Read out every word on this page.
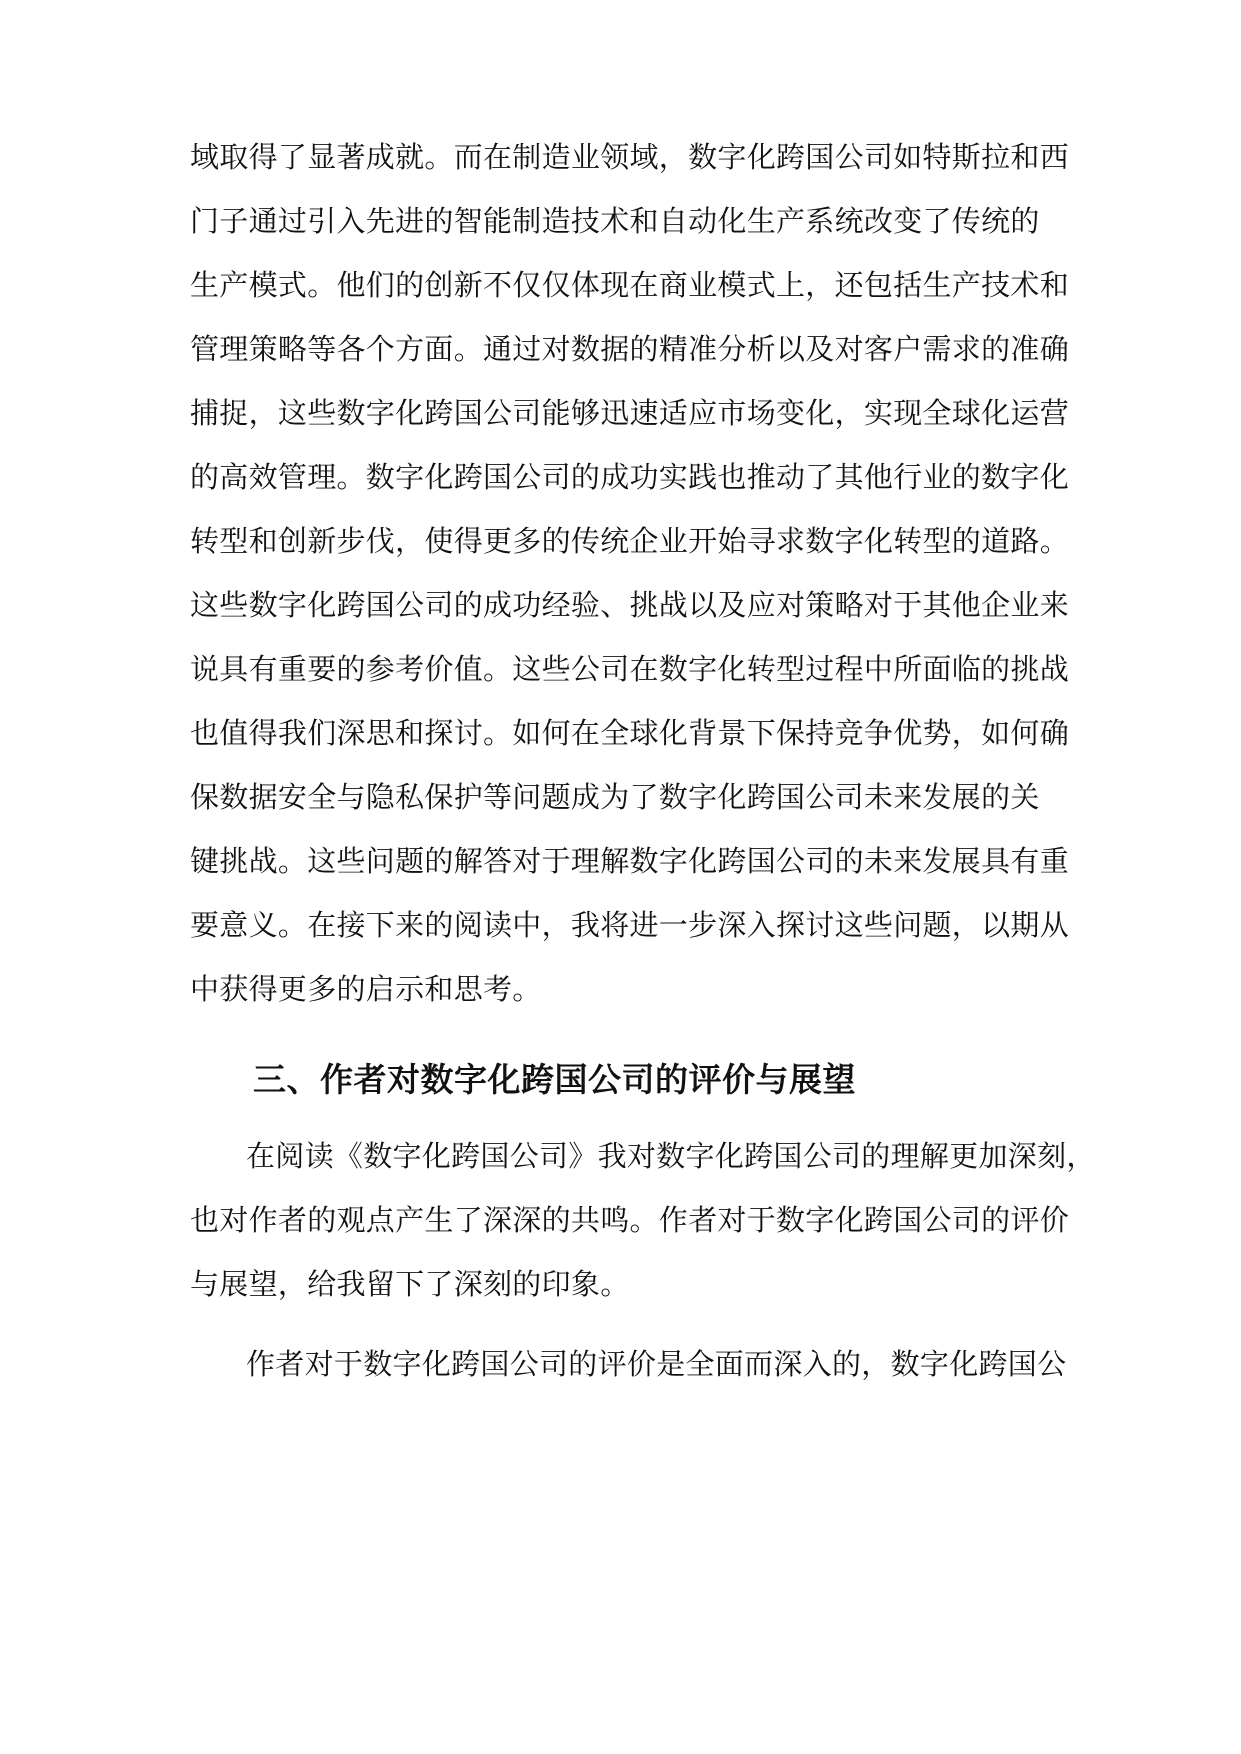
域取得了显著成就。而在制造业领域，数字化跨国公司如特斯拉和西
门子通过引入先进的智能制造技术和自动化生产系统改变了传统的
生产模式。他们的创新不仅仅体现在商业模式上，还包括生产技术和
管理策略等各个方面。通过对数据的精准分析以及对客户需求的准确
捕捉，这些数字化跨国公司能够迅速适应市场变化，实现全球化运营
的高效管理。数字化跨国公司的成功实践也推动了其他行业的数字化
转型和创新步伐，使得更多的传统企业开始寻求数字化转型的道路。
这些数字化跨国公司的成功经验、挑战以及应对策略对于其他企业来
说具有重要的参考价值。这些公司在数字化转型过程中所面临的挑战
也值得我们深思和探讨。如何在全球化背景下保持竞争优势，如何确
保数据安全与隐私保护等问题成为了数字化跨国公司未来发展的关
键挑战。这些问题的解答对于理解数字化跨国公司的未来发展具有重
要意义。在接下来的阅读中，我将进一步深入探讨这些问题，以期从
中获得更多的启示和思考。
三、作者对数字化跨国公司的评价与展望
在阅读《数字化跨国公司》我对数字化跨国公司的理解更加深刻，
也对作者的观点产生了深深的共鸣。作者对于数字化跨国公司的评价
与展望，给我留下了深刻的印象。
作者对于数字化跨国公司的评价是全面而深入的，数字化跨国公
